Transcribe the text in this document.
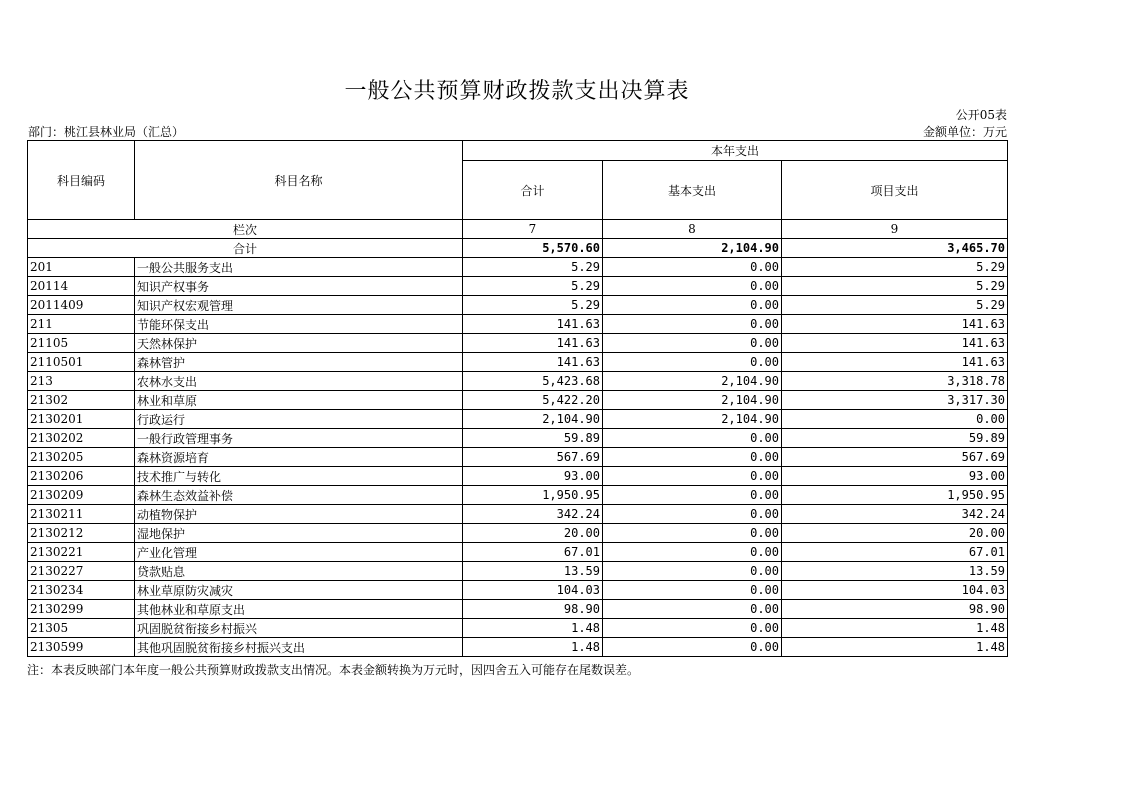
一般公共预算财政拨款支出决算表
公开05表
部门：桃江县林业局（汇总）	金额单位：万元
科目编码	科目名称	本年支出		
		合计	基本支出	项目支出
栏次		7	8	9
合计		5,570.60	2,104.90	3,465.70
201	一般公共服务支出	5.29	0.00	5.29
20114	知识产权事务	5.29	0.00	5.29
2011409	知识产权宏观管理	5.29	0.00	5.29
211	节能环保支出	141.63	0.00	141.63
21105	天然林保护	141.63	0.00	141.63
2110501	森林管护	141.63	0.00	141.63
213	农林水支出	5,423.68	2,104.90	3,318.78
21302	林业和草原	5,422.20	2,104.90	3,317.30
2130201	行政运行	2,104.90	2,104.90	0.00
2130202	一般行政管理事务	59.89	0.00	59.89
2130205	森林资源培育	567.69	0.00	567.69
2130206	技术推广与转化	93.00	0.00	93.00
2130209	森林生态效益补偿	1,950.95	0.00	1,950.95
2130211	动植物保护	342.24	0.00	342.24
2130212	湿地保护	20.00	0.00	20.00
2130221	产业化管理	67.01	0.00	67.01
2130227	贷款贴息	13.59	0.00	13.59
2130234	林业草原防灾减灾	104.03	0.00	104.03
2130299	其他林业和草原支出	98.90	0.00	98.90
21305	巩固脱贫衔接乡村振兴	1.48	0.00	1.48
2130599	其他巩固脱贫衔接乡村振兴支出	1.48	0.00	1.48
注：本表反映部门本年度一般公共预算财政拨款支出情况。本表金额转换为万元时，因四舍五入可能存在尾数误差。
